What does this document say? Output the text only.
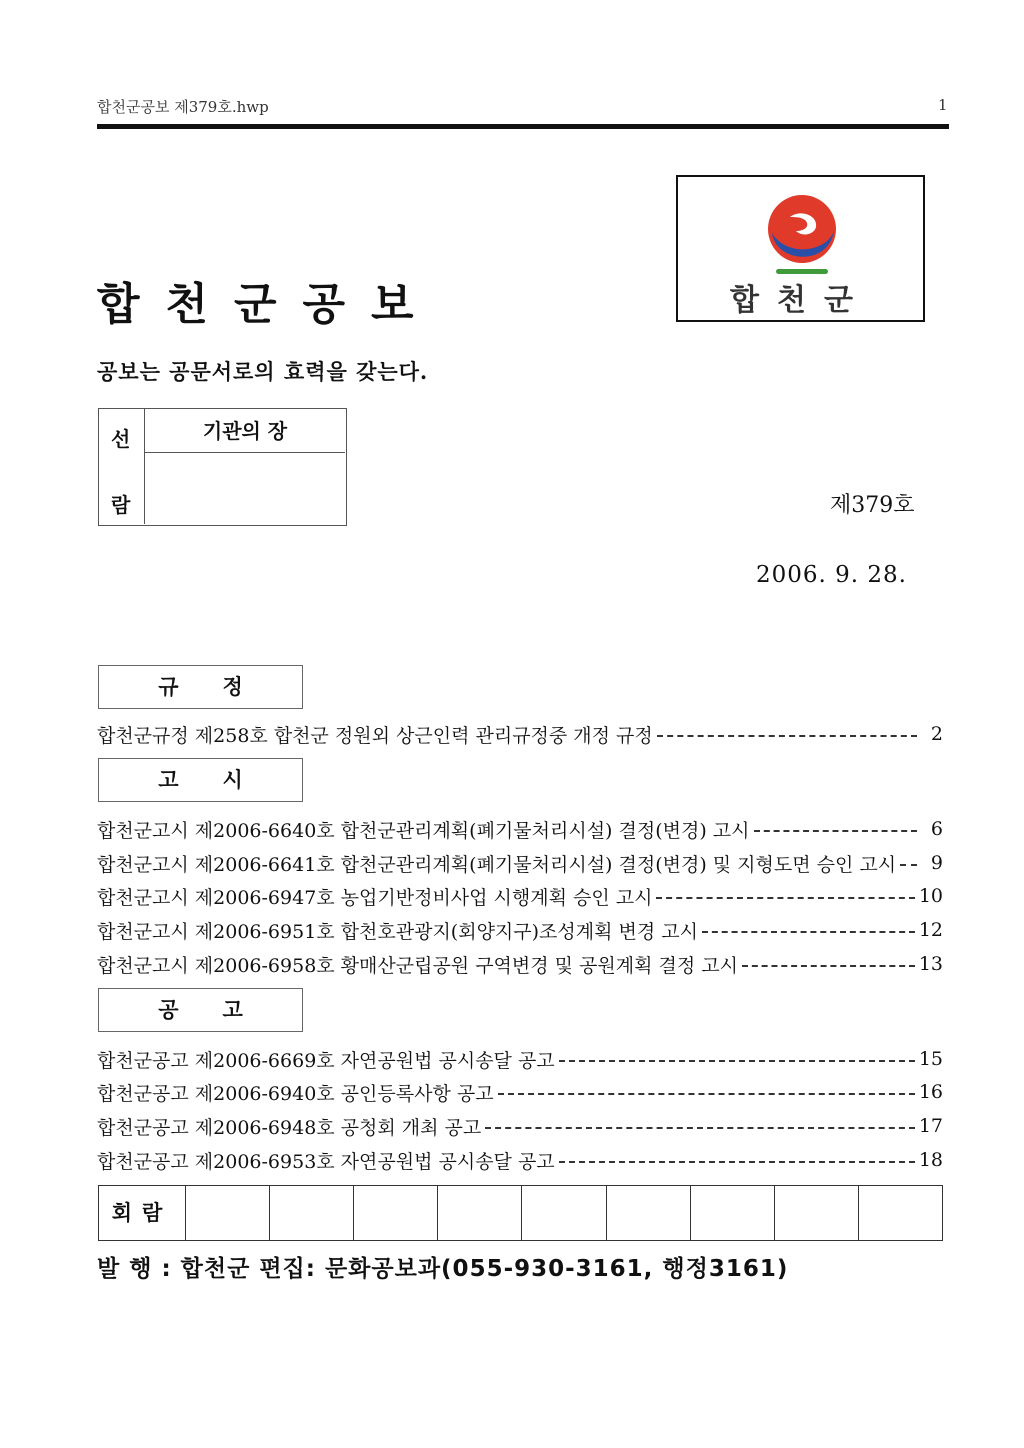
합천군공보 제379호.hwp	1
합천군공보
공보는 공문서로의 효력을 갖는다.
합천군
선
람
기관의 장
제379호
2006. 9. 28.
규정
합천군규정 제258호 합천군 정원외 상근인력 관리규정중 개정 규정	2
고시
합천군고시 제2006-6640호 합천군관리계획(폐기물처리시설) 결정(변경) 고시	6
합천군고시 제2006-6641호 합천군관리계획(폐기물처리시설) 결정(변경) 및 지형도면 승인 고시	9
합천군고시 제2006-6947호 농업기반정비사업 시행계획 승인 고시	10
합천군고시 제2006-6951호 합천호관광지(회양지구)조성계획 변경 고시	12
합천군고시 제2006-6958호 황매산군립공원 구역변경 및 공원계획 결정 고시	13
공고
합천군공고 제2006-6669호 자연공원법 공시송달 공고	15
합천군공고 제2006-6940호 공인등록사항 공고	16
합천군공고 제2006-6948호 공청회 개최 공고	17
합천군공고 제2006-6953호 자연공원법 공시송달 공고	18
회람
발 행 : 합천군 편집: 문화공보과(055-930-3161, 행정3161)
